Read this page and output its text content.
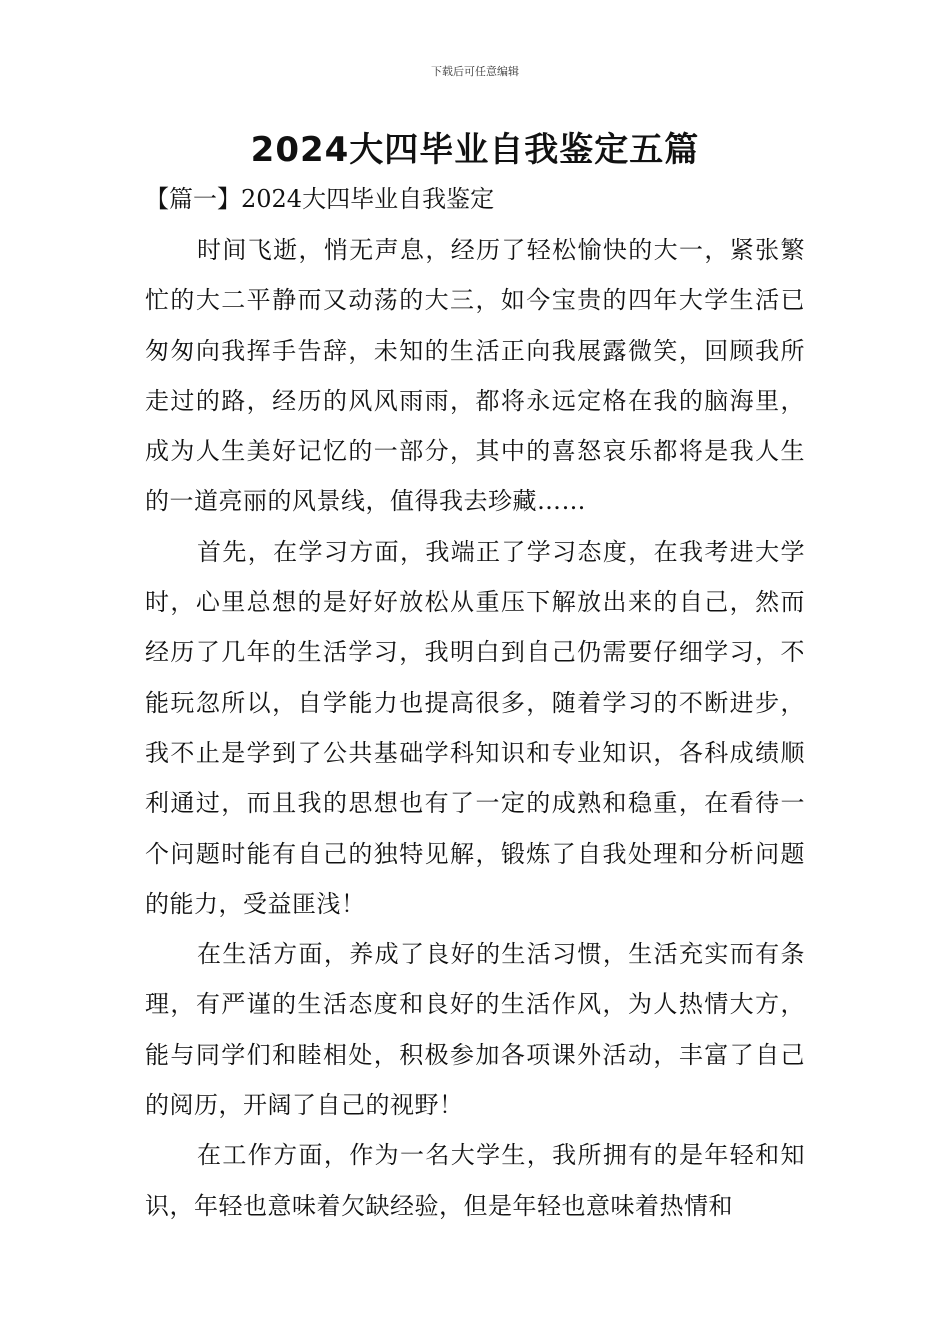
下载后可任意编辑
2024大四毕业自我鉴定五篇
【篇一】2024大四毕业自我鉴定

时间飞逝，悄无声息，经历了轻松愉快的大一，紧张繁忙的大二平静而又动荡的大三，如今宝贵的四年大学生活已匆匆向我挥手告辞，未知的生活正向我展露微笑，回顾我所走过的路，经历的风风雨雨，都将永远定格在我的脑海里，成为人生美好记忆的一部分，其中的喜怒哀乐都将是我人生的一道亮丽的风景线，值得我去珍藏……

首先，在学习方面，我端正了学习态度，在我考进大学时，心里总想的是好好放松从重压下解放出来的自己，然而经历了几年的生活学习，我明白到自己仍需要仔细学习，不能玩忽所以，自学能力也提高很多，随着学习的不断进步，我不止是学到了公共基础学科知识和专业知识，各科成绩顺利通过，而且我的思想也有了一定的成熟和稳重，在看待一个问题时能有自己的独特见解，锻炼了自我处理和分析问题的能力，受益匪浅！

在生活方面，养成了良好的生活习惯，生活充实而有条理，有严谨的生活态度和良好的生活作风，为人热情大方，能与同学们和睦相处，积极参加各项课外活动，丰富了自己的阅历，开阔了自己的视野！

在工作方面，作为一名大学生，我所拥有的是年轻和知识，年轻也意味着欠缺经验，但是年轻也意味着热情和
